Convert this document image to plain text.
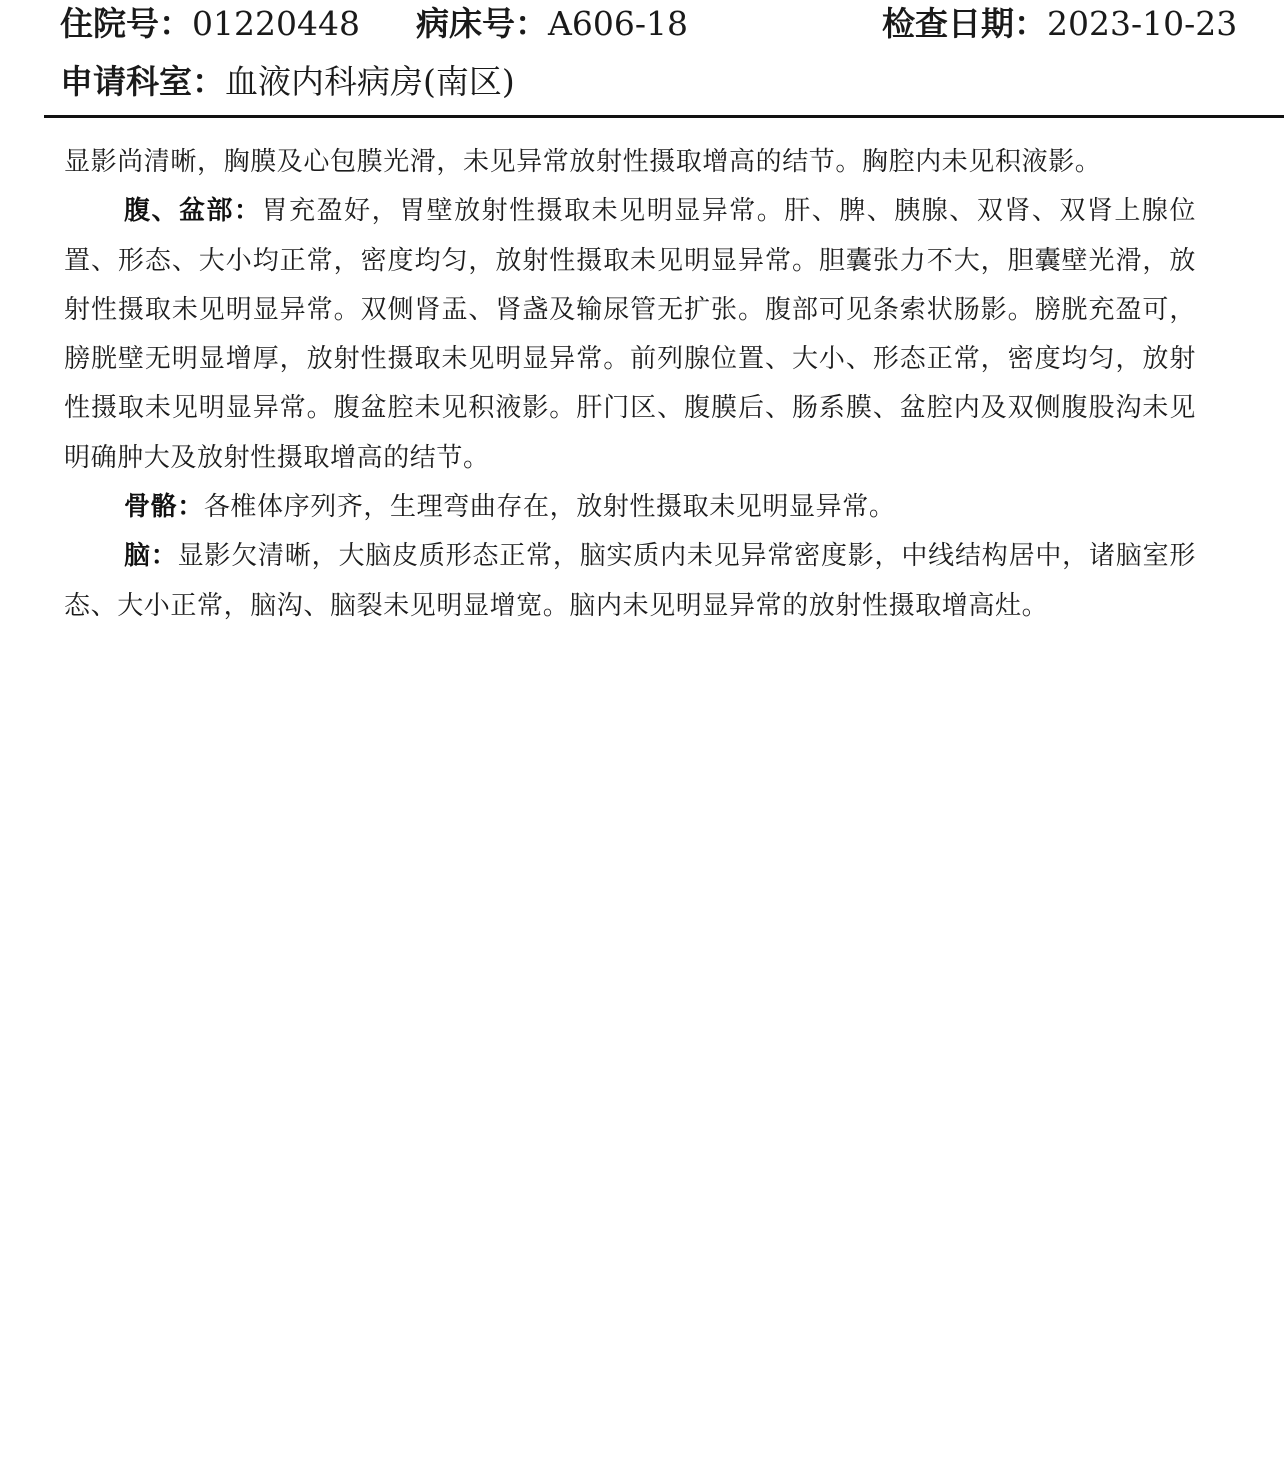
住院号：01220448 病床号：A606-18	检查日期：2023-10-23
申请科室：血液内科病房(南区)

显影尚清晰，胸膜及心包膜光滑，未见异常放射性摄取增高的结节。胸腔内未见积液影。

腹、盆部：胃充盈好，胃壁放射性摄取未见明显异常。肝、脾、胰腺、双肾、双肾上腺位置、形态、大小均正常，密度均匀，放射性摄取未见明显异常。胆囊张力不大，胆囊壁光滑，放射性摄取未见明显异常。双侧肾盂、肾盏及输尿管无扩张。腹部可见条索状肠影。膀胱充盈可，膀胱壁无明显增厚，放射性摄取未见明显异常。前列腺位置、大小、形态正常，密度均匀，放射性摄取未见明显异常。腹盆腔未见积液影。肝门区、腹膜后、肠系膜、盆腔内及双侧腹股沟未见明确肿大及放射性摄取增高的结节。

骨骼：各椎体序列齐，生理弯曲存在，放射性摄取未见明显异常。

脑：显影欠清晰，大脑皮质形态正常，脑实质内未见异常密度影，中线结构居中，诸脑室形态、大小正常，脑沟、脑裂未见明显增宽。脑内未见明显异常的放射性摄取增高灶。
